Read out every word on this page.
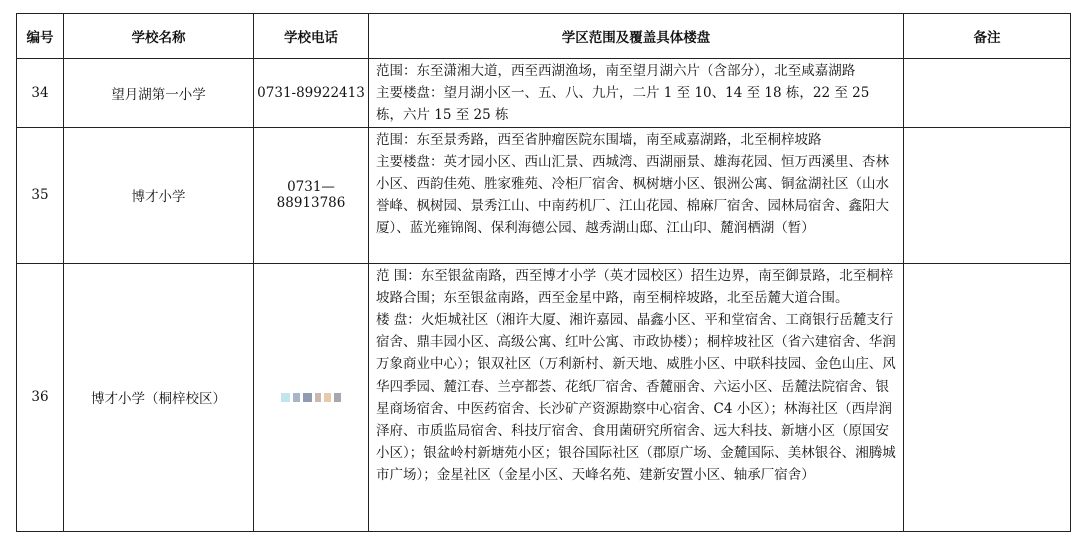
编号	学校名称	学校电话	学区范围及覆盖具体楼盘	备注
34	望月湖第一小学	0731-89922413	范围：东至潇湘大道，西至西湖渔场，南至望月湖六片（含部分），北至咸嘉湖路
主要楼盘：望月湖小区一、五、八、九片，二片 1 至 10、14 至 18 栋，22 至 25 栋，六片 15 至 25 栋	

35	博才小学	0731—88913786	范围：东至景秀路，西至省肿瘤医院东围墙，南至咸嘉湖路，北至桐梓坡路
主要楼盘：英才园小区、西山汇景、西城湾、西湖丽景、雄海花园、恒万西溪里、杏林小区、西韵佳苑、胜家雅苑、冷柜厂宿舍、枫树塘小区、银洲公寓、铜盆湖社区（山水誉峰、枫树园、景秀江山、中南药机厂、江山花园、棉麻厂宿舍、园林局宿舍、鑫阳大厦）、蓝光雍锦阁、保利海德公园、越秀湖山邸、江山印、麓润栖湖（暂）	

36	博才小学（桐梓校区）		范 围：东至银盆南路，西至博才小学（英才园校区）招生边界，南至御景路，北至桐梓坡路合围；东至银盆南路，西至金星中路，南至桐梓坡路，北至岳麓大道合围。
楼 盘：火炬城社区（湘许大厦、湘许嘉园、晶鑫小区、平和堂宿舍、工商银行岳麓支行宿舍、鼎丰园小区、高级公寓、红叶公寓、市政协楼）；桐梓坡社区（省六建宿舍、华润万象商业中心）；银双社区（万利新村、新天地、威胜小区、中联科技园、金色山庄、风华四季园、麓江春、兰亭都荟、花纸厂宿舍、香麓丽舍、六运小区、岳麓法院宿舍、银星商场宿舍、中医药宿舍、长沙矿产资源勘察中心宿舍、C4 小区）；林海社区（西岸润泽府、市质监局宿舍、科技厅宿舍、食用菌研究所宿舍、远大科技、新塘小区（原国安小区）；银盆岭村新塘苑小区；银谷国际社区（郡原广场、金麓国际、美林银谷、湘腾城市广场）；金星社区（金星小区、天峰名苑、建新安置小区、轴承厂宿舍）	
